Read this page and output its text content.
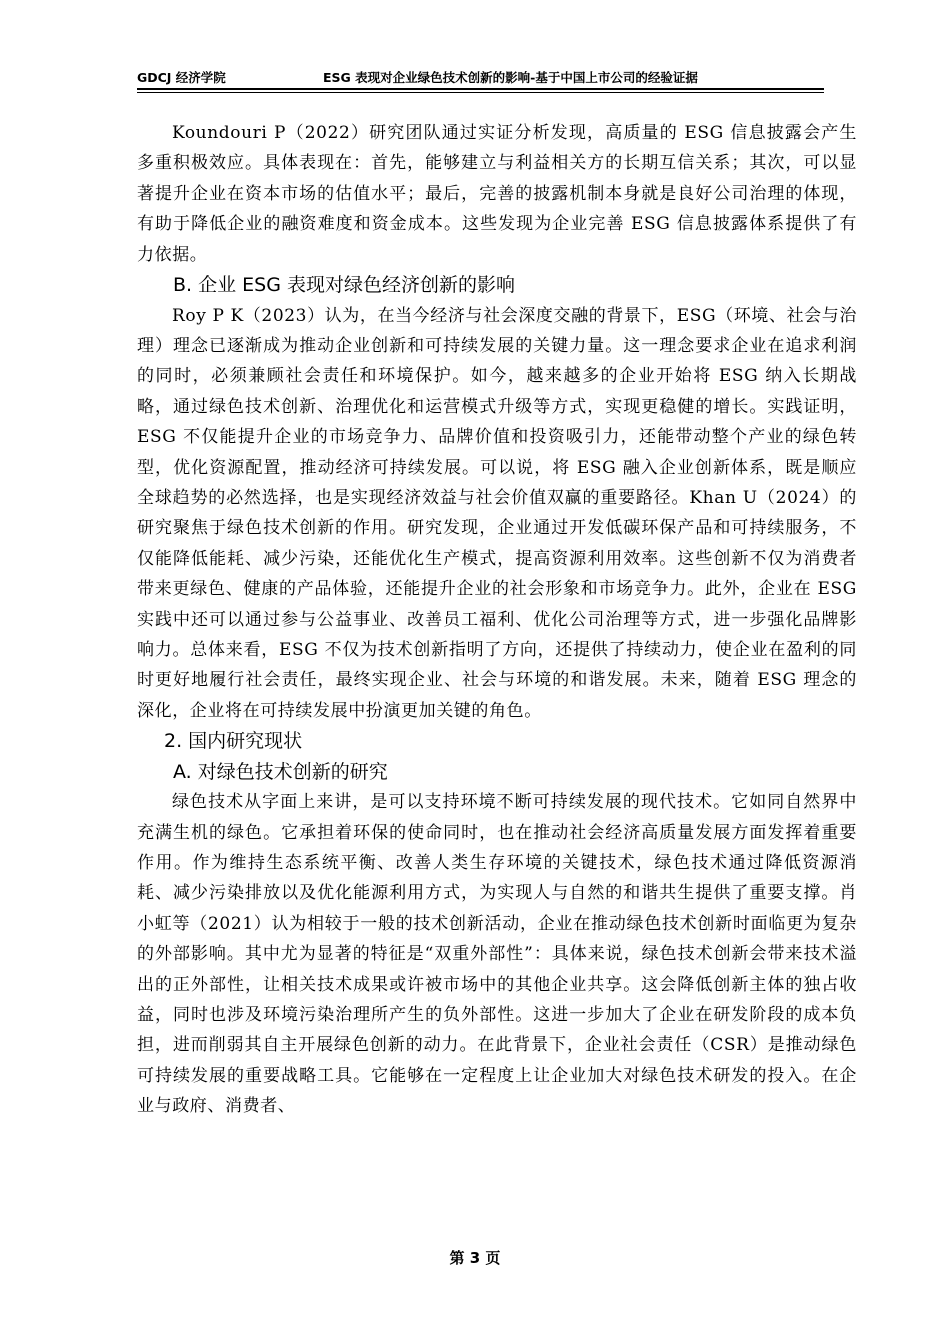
GDCJ 经济学院	ESG 表现对企业绿色技术创新的影响-基于中国上市公司的经验证据

Koundouri P（2022）研究团队通过实证分析发现，高质量的 ESG 信息披露会产生多重积极效应。具体表现在：首先，能够建立与利益相关方的长期互信关系；其次，可以显著提升企业在资本市场的估值水平；最后，完善的披露机制本身就是良好公司治理的体现，有助于降低企业的融资难度和资金成本。这些发现为企业完善 ESG 信息披露体系提供了有力依据。

B. 企业 ESG 表现对绿色经济创新的影响

Roy P K（2023）认为，在当今经济与社会深度交融的背景下，ESG（环境、社会与治理）理念已逐渐成为推动企业创新和可持续发展的关键力量。这一理念要求企业在追求利润的同时，必须兼顾社会责任和环境保护。如今，越来越多的企业开始将 ESG 纳入长期战略，通过绿色技术创新、治理优化和运营模式升级等方式，实现更稳健的增长。实践证明，ESG 不仅能提升企业的市场竞争力、品牌价值和投资吸引力，还能带动整个产业的绿色转型，优化资源配置，推动经济可持续发展。可以说，将 ESG 融入企业创新体系，既是顺应全球趋势的必然选择，也是实现经济效益与社会价值双赢的重要路径。Khan U（2024）的研究聚焦于绿色技术创新的作用。研究发现，企业通过开发低碳环保产品和可持续服务，不仅能降低能耗、减少污染，还能优化生产模式，提高资源利用效率。这些创新不仅为消费者带来更绿色、健康的产品体验，还能提升企业的社会形象和市场竞争力。此外，企业在 ESG 实践中还可以通过参与公益事业、改善员工福利、优化公司治理等方式，进一步强化品牌影响力。总体来看，ESG 不仅为技术创新指明了方向，还提供了持续动力，使企业在盈利的同时更好地履行社会责任，最终实现企业、社会与环境的和谐发展。未来，随着 ESG 理念的深化，企业将在可持续发展中扮演更加关键的角色。

2. 国内研究现状
A. 对绿色技术创新的研究

绿色技术从字面上来讲，是可以支持环境不断可持续发展的现代技术。它如同自然界中充满生机的绿色。它承担着环保的使命同时，也在推动社会经济高质量发展方面发挥着重要作用。作为维持生态系统平衡、改善人类生存环境的关键技术，绿色技术通过降低资源消耗、减少污染排放以及优化能源利用方式，为实现人与自然的和谐共生提供了重要支撑。肖小虹等（2021）认为相较于一般的技术创新活动，企业在推动绿色技术创新时面临更为复杂的外部影响。其中尤为显著的特征是“双重外部性”：具体来说，绿色技术创新会带来技术溢出的正外部性，让相关技术成果或许被市场中的其他企业共享。这会降低创新主体的独占收益，同时也涉及环境污染治理所产生的负外部性。这进一步加大了企业在研发阶段的成本负担，进而削弱其自主开展绿色创新的动力。在此背景下，企业社会责任（CSR）是推动绿色可持续发展的重要战略工具。它能够在一定程度上让企业加大对绿色技术研发的投入。在企业与政府、消费者、

第 3 页
